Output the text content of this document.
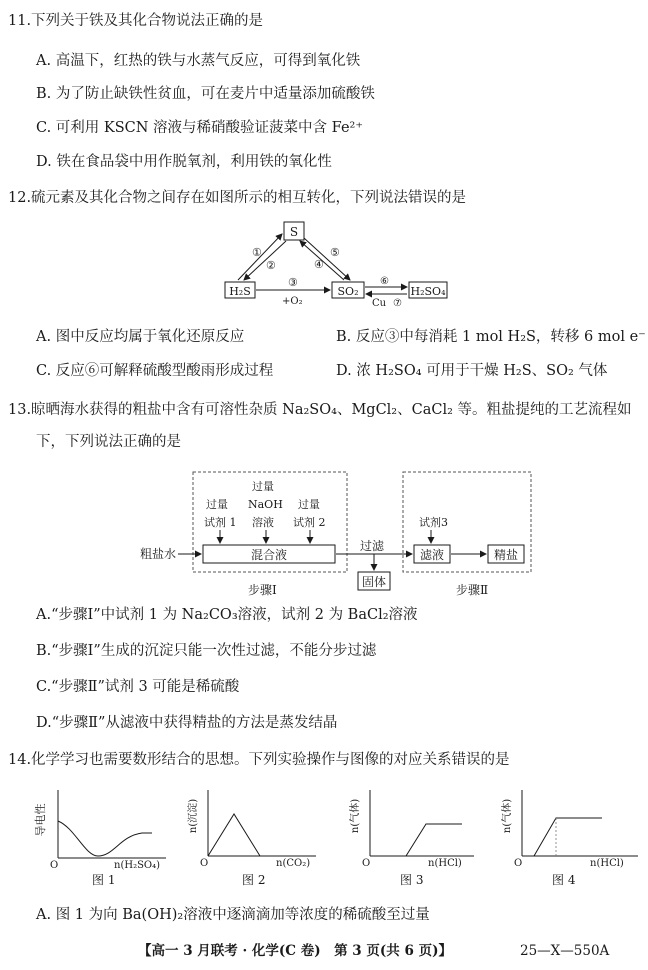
11.下列关于铁及其化合物说法正确的是
A. 高温下，红热的铁与水蒸气反应，可得到氧化铁
B. 为了防止缺铁性贫血，可在麦片中适量添加硫酸铁
C. 可利用 KSCN 溶液与稀硝酸验证菠菜中含 Fe²⁺
D. 铁在食品袋中用作脱氧剂，利用铁的氧化性
12.硫元素及其化合物之间存在如图所示的相互转化，下列说法错误的是
S
H₂S	SO₂	H₂SO₄
①
②
⑤
④
③
+O₂
⑥
Cu ⑦
A. 图中反应均属于氧化还原反应	B. 反应③中每消耗 1 mol H₂S，转移 6 mol e⁻
C. 反应⑥可解释硫酸型酸雨形成过程	D. 浓 H₂SO₄ 可用于干燥 H₂S、SO₂ 气体
13.晾晒海水获得的粗盐中含有可溶性杂质 Na₂SO₄、MgCl₂、CaCl₂ 等。粗盐提纯的工艺流程如
下，下列说法正确的是
粗盐水	混合液
过量
试剂 1
过量
NaOH
溶液
过量
试剂 2
过滤
固体
试剂3
滤液	精盐
步骤Ⅰ	步骤Ⅱ
A.“步骤Ⅰ”中试剂 1 为 Na₂CO₃溶液，试剂 2 为 BaCl₂溶液
B.“步骤Ⅰ”生成的沉淀只能一次性过滤，不能分步过滤
C.“步骤Ⅱ”试剂 3 可能是稀硫酸
D.“步骤Ⅱ”从滤液中获得精盐的方法是蒸发结晶
14.化学学习也需要数形结合的思想。下列实验操作与图像的对应关系错误的是
导电性
O	n(H₂SO₄)
图 1
n(沉淀)
O	n(CO₂)
图 2
n(气体)
O	n(HCl)
图 3
n(气体)
O	n(HCl)
图 4
A. 图 1 为向 Ba(OH)₂溶液中逐滴滴加等浓度的稀硫酸至过量
【高一 3 月联考 · 化学(C 卷)　第 3 页(共 6 页)】	25—X—550A
